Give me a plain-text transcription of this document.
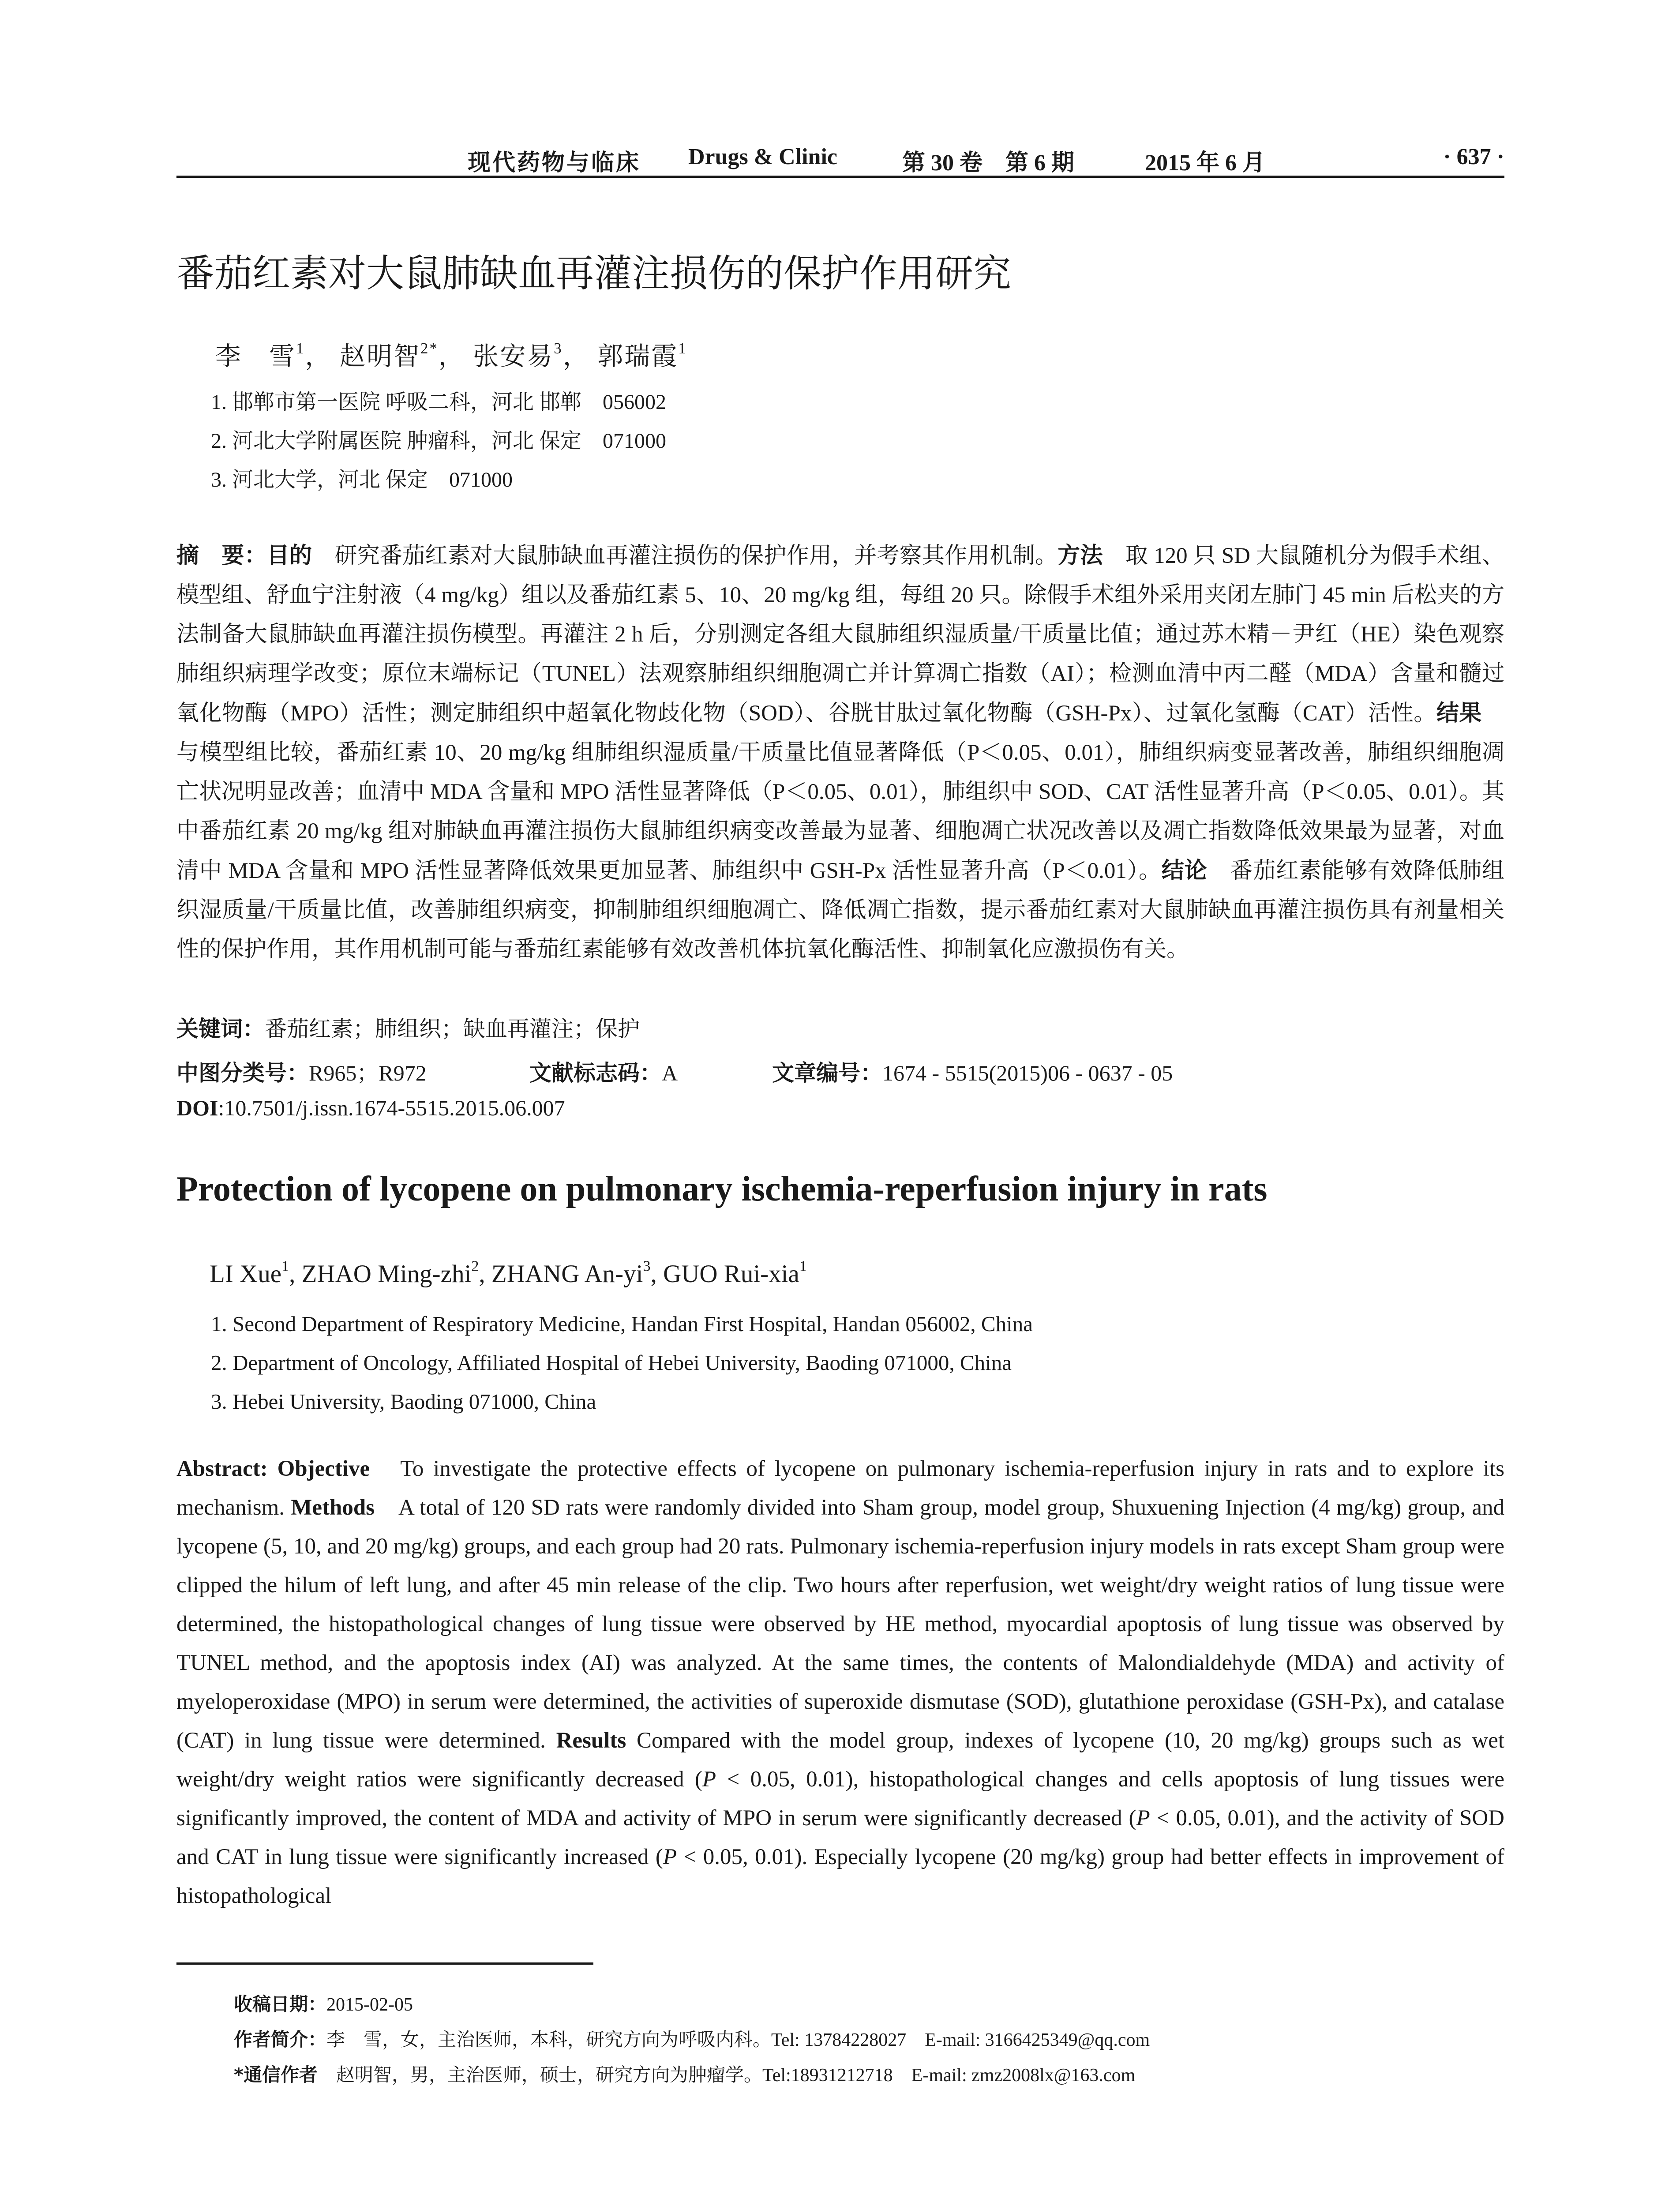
现代药物与临床 Drugs & Clinic	第 30 卷　第 6 期	2015 年 6 月	· 637 ·
番茄红素对大鼠肺缺血再灌注损伤的保护作用研究
李　雪$^1$， 赵明智$^{2*}$， 张安易$^3$， 郭瑞霞$^1$
1. 邯郸市第一医院 呼吸二科，河北 邯郸　056002
2. 河北大学附属医院 肿瘤科，河北 保定　071000
3. 河北大学，河北 保定　071000
摘　要：目的　研究番茄红素对大鼠肺缺血再灌注损伤的保护作用，并考察其作用机制。方法　取 120 只 SD 大鼠随机分为假手术组、模型组、舒血宁注射液（4 mg/kg）组以及番茄红素 5、10、20 mg/kg 组，每组 20 只。除假手术组外采用夹闭左肺门 45 min 后松夹的方法制备大鼠肺缺血再灌注损伤模型。再灌注 2 h 后，分别测定各组大鼠肺组织湿质量/干质量比值；通过苏木精－尹红（HE）染色观察肺组织病理学改变；原位末端标记（TUNEL）法观察肺组织细胞凋亡并计算凋亡指数（AI）；检测血清中丙二醛（MDA）含量和髓过氧化物酶（MPO）活性；测定肺组织中超氧化物歧化物（SOD）、谷胱甘肽过氧化物酶（GSH-Px）、过氧化氢酶（CAT）活性。结果　与模型组比较，番茄红素 10、20 mg/kg 组肺组织湿质量/干质量比值显著降低（P＜0.05、0.01），肺组织病变显著改善，肺组织细胞凋亡状况明显改善；血清中 MDA 含量和 MPO 活性显著降低（P＜0.05、0.01），肺组织中 SOD、CAT 活性显著升高（P＜0.05、0.01）。其中番茄红素 20 mg/kg 组对肺缺血再灌注损伤大鼠肺组织病变改善最为显著、细胞凋亡状况改善以及凋亡指数降低效果最为显著，对血清中 MDA 含量和 MPO 活性显著降低效果更加显著、肺组织中 GSH-Px 活性显著升高（P＜0.01）。结论　番茄红素能够有效降低肺组织湿质量/干质量比值，改善肺组织病变，抑制肺组织细胞凋亡、降低凋亡指数，提示番茄红素对大鼠肺缺血再灌注损伤具有剂量相关性的保护作用，其作用机制可能与番茄红素能够有效改善机体抗氧化酶活性、抑制氧化应激损伤有关。
关键词：番茄红素；肺组织；缺血再灌注；保护
中图分类号：R965；R972	文献标志码：A	文章编号：1674 - 5515(2015)06 - 0637 - 05
DOI:10.7501/j.issn.1674-5515.2015.06.007
Protection of lycopene on pulmonary ischemia-reperfusion injury in rats
LI Xue$^1$, ZHAO Ming-zhi$^2$, ZHANG $An-yi^3$, GUO Rui-xia$^1$
1. Second Department of Respiratory Medicine, Handan First Hospital, Handan 056002, China
2. Department of Oncology, Affiliated Hospital of Hebei University, Baoding 071000, China
3. Hebei University, Baoding 071000, China
Abstract: Objective　To investigate the protective effects of lycopene on pulmonary ischemia-reperfusion injury in rats and to explore its mechanism. Methods　A total of 120 SD rats were randomly divided into Sham group, model group, Shuxuening Injection (4 mg/kg) group, and lycopene (5, 10, and 20 mg/kg) groups, and each group had 20 rats. Pulmonary ischemia-reperfusion injury models in rats except Sham group were clipped the hilum of left lung, and after 45 min release of the clip. Two hours after reperfusion, wet weight/dry weight ratios of lung tissue were determined, the histopathological changes of lung tissue were observed by HE method, myocardial apoptosis of lung tissue was observed by TUNEL method, and the apoptosis index (AI) was analyzed. At the same times, the contents of Malondialdehyde (MDA) and activity of myeloperoxidase (MPO) in serum were determined, the activities of superoxide dismutase (SOD), glutathione peroxidase (GSH-Px), and catalase (CAT) in lung tissue were determined. Results Compared with the model group, indexes of lycopene (10, 20 mg/kg) groups such as wet weight/dry weight ratios were significantly decreased (P < 0.05, 0.01), histopathological changes and cells apoptosis of lung tissues were significantly improved, the content of MDA and activity of MPO in serum were significantly decreased (P < 0.05, 0.01), and the activity of SOD and CAT in lung tissue were significantly increased (P < 0.05, 0.01). Especially lycopene (20 mg/kg) group had better effects in improvement of histopathological
收稿日期：2015-02-05
作者简介：李　雪，女，主治医师，本科，研究方向为呼吸内科。Tel: 13784228027　E-mail: 3166425349@qq.com
*通信作者　赵明智，男，主治医师，硕士，研究方向为肿瘤学。Tel:18931212718　E-mail: zmz2008lx@163.com
